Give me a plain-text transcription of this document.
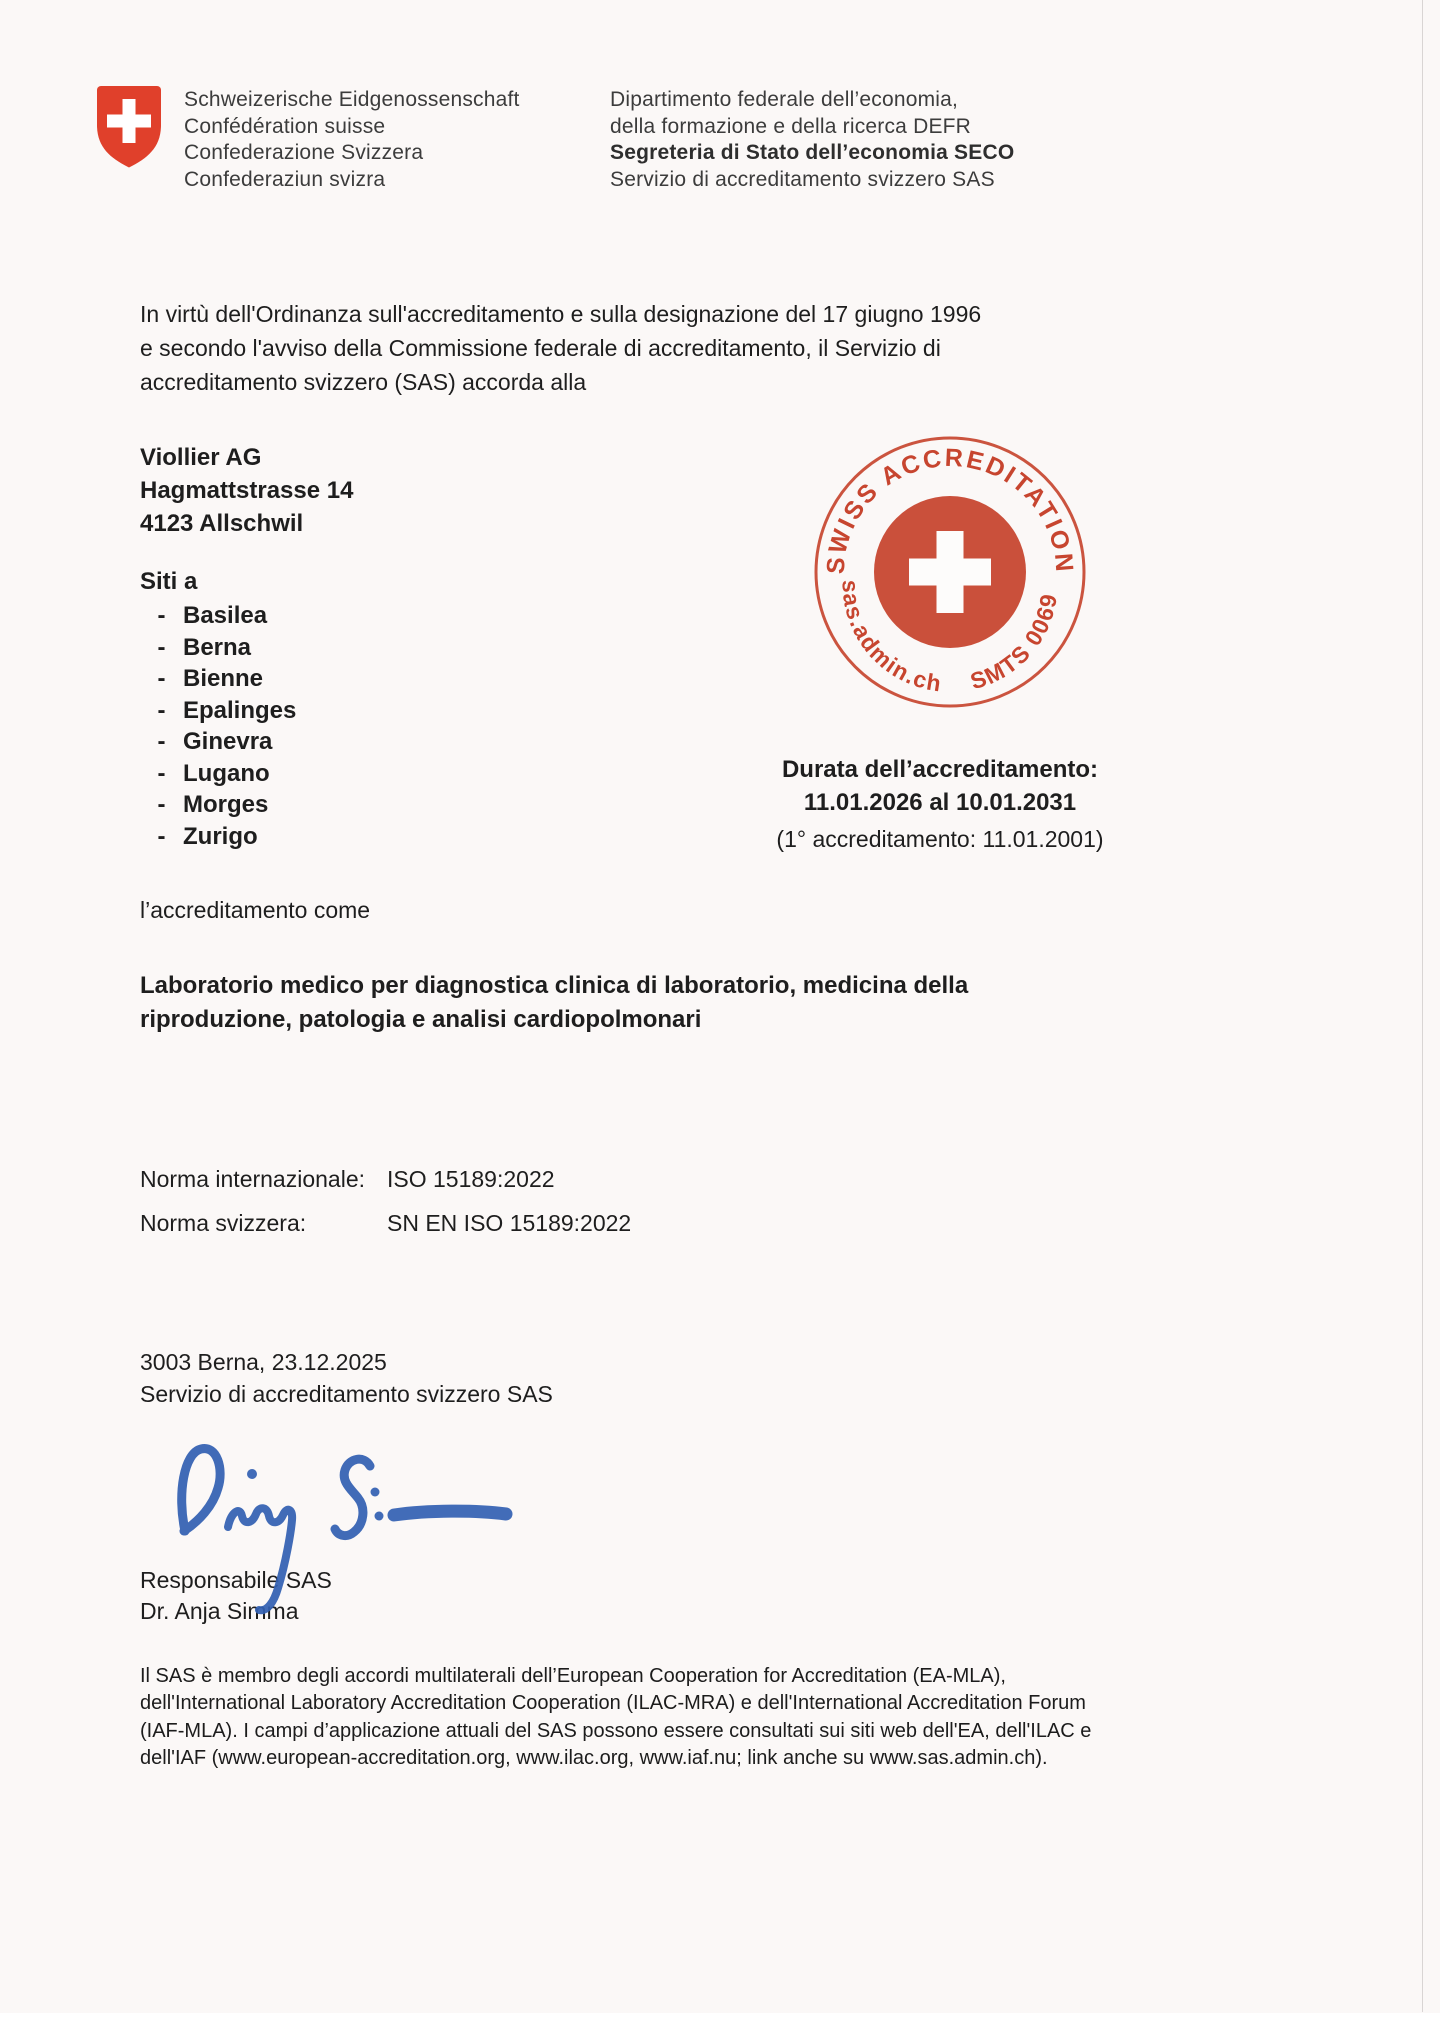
Schweizerische Eidgenossenschaft
Confédération suisse
Confederazione Svizzera
Confederaziun svizra
Dipartimento federale dell’economia,
della formazione e della ricerca DEFR
Segreteria di Stato dell’economia SECO
Servizio di accreditamento svizzero SAS
In virtù dell'Ordinanza sull'accreditamento e sulla designazione del 17 giugno 1996
e secondo l'avviso della Commissione federale di accreditamento, il Servizio di
accreditamento svizzero (SAS) accorda alla
Viollier AG
Hagmattstrasse 14
4123 Allschwil
Siti a
- Basilea
- Berna
- Bienne
- Epalinges
- Ginevra
- Lugano
- Morges
- Zurigo
SWISS ACCREDITATION
sas.admin.ch SMTS 0069
Durata dell’accreditamento:
11.01.2026 al 10.01.2031
(1° accreditamento: 11.01.2001)
l’accreditamento come
Laboratorio medico per diagnostica clinica di laboratorio, medicina della
riproduzione, patologia e analisi cardiopolmonari
Norma internazionale: ISO 15189:2022
Norma svizzera:	SN EN ISO 15189:2022
3003 Berna, 23.12.2025
Servizio di accreditamento svizzero SAS
Responsabile SAS
Dr. Anja Simma
Il SAS è membro degli accordi multilaterali dell’European Cooperation for Accreditation (EA-MLA),
dell'International Laboratory Accreditation Cooperation (ILAC-MRA) e dell'International Accreditation Forum
(IAF-MLA). I campi d’applicazione attuali del SAS possono essere consultati sui siti web dell'EA, dell'ILAC e
dell'IAF (www.european-accreditation.org, www.ilac.org, www.iaf.nu; link anche su www.sas.admin.ch).
